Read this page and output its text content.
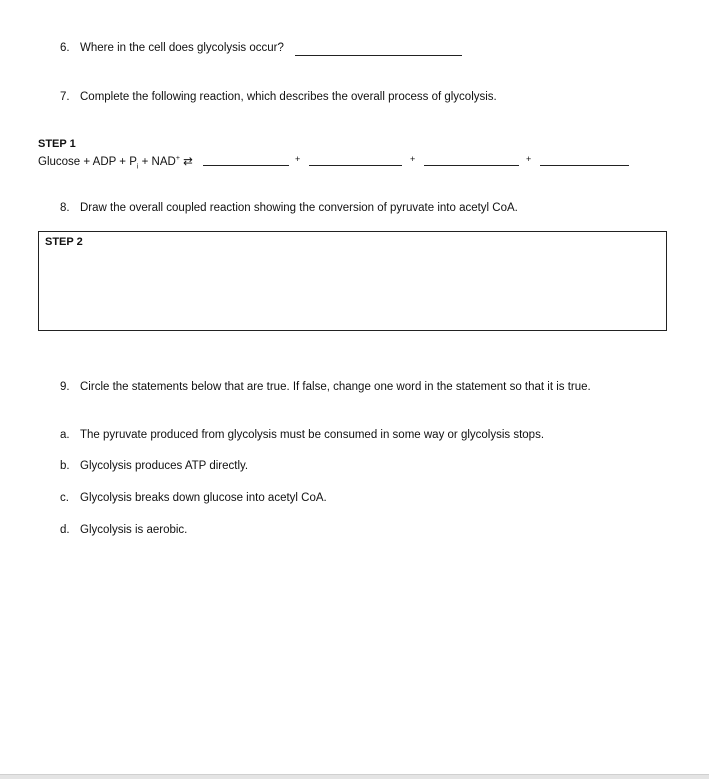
6. Where in the cell does glycolysis occur?
7. Complete the following reaction, which describes the overall process of glycolysis.
STEP 1
Glucose + ADP + $P_i + NAD^+$ ⇄	+	+	+
8. Draw the overall coupled reaction showing the conversion of pyruvate into acetyl CoA.
STEP 2
9. Circle the statements below that are true. If false, change one word in the statement so that it is true.
a. The pyruvate produced from glycolysis must be consumed in some way or glycolysis stops.
b. Glycolysis produces ATP directly.
c. Glycolysis breaks down glucose into acetyl CoA.
d. Glycolysis is aerobic.
